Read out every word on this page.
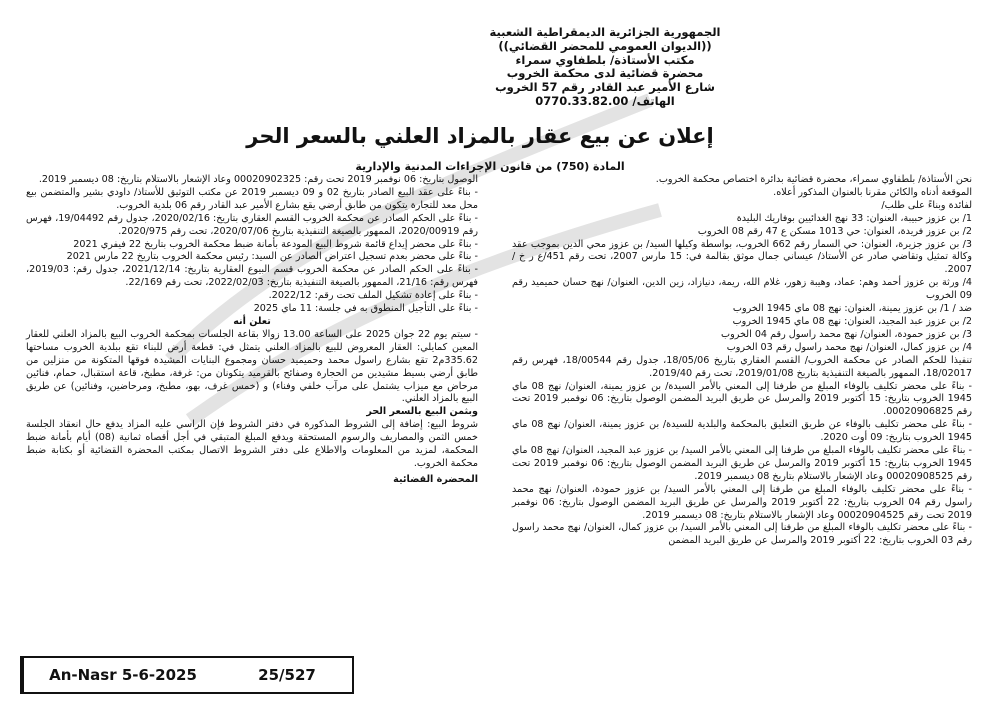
الجمهورية الجزائرية الديمقراطية الشعبية
((الديوان العمومي للمحضر القضائي))
مكتب الأستاذة/ بلطفاوي سمراء
محضرة قضائية لدى محكمة الخروب
شارع الأمير عبد القادر رقم 57 الخروب
الهاتف/ 0770.33.82.00
إعلان عن بيع عقار بالمزاد العلني بالسعر الحر
المادة (750) من قانون الإجراءات المدنية والإدارية

نحن الأستاذة/ بلطفاوي سمراء، محضرة قضائية بدائرة اختصاص محكمة الخروب.

الموقعة أدناه والكائن مقرنا بالعنوان المذكور أعلاه.

لفائدة وبناءً على طلب/

1/ بن عزوز حبيبة، العنوان: 33 نهج الغدائيين بوفاريك البليدة

2/ بن عزوز فريدة، العنوان: حي 1013 مسكن ع 47 رقم 08 الخروب

3/ بن عزوز جزيرة، العنوان: حي السمار رقم 662 الخروب، بواسطة وكيلها السيد/ بن عزوز محي الدين بموجب عقد وكالة تمثيل وتقاضي صادر عن الأستاذ/ عيساني جمال موثق بقالمة في: 15 مارس 2007، تحت رقم 451/ع ر خ / 2007.

4/ ورثة بن عزوز أحمد وهم: عماد، وهيبة زهور، غلام الله، ريمة، دنيازاد، زين الدين، العنوان/ نهج حسان حميميد رقم 09 الخروب

ضد / 1/ بن عزوز يمينة، العنوان: نهج 08 ماي 1945 الخروب

2/ بن عزوز عبد المجيد، العنوان: نهج 08 ماي 1945 الخروب

3/ بن عزوز حمودة، العنوان/ نهج محمد راسول رقم 04 الخروب

4/ بن عزوز كمال، العنوان/ نهج محمد راسول رقم 03 الخروب

تنفيذا للحكم الصادر عن محكمة الخروب/ القسم العقاري بتاريخ 18/05/06، جدول رقم 18/00544، فهرس رقم 18/02017، الممهور بالصيغة التنفيذية بتاريخ 2019/01/08، تحت رقم 2019/40.

- بناءً على محضر تكليف بالوفاء المبلغ من طرفنا إلى المعني بالأمر السيدة/ بن عزوز يمينة، العنوان/ نهج 08 ماي 1945 الخروب بتاريخ: 15 أكتوبر 2019 والمرسل عن طريق البريد المضمن الوصول بتاريخ: 06 نوفمبر 2019 تحت رقم 00020906825.

- بناءً على محضر تكليف بالوفاء عن طريق التعليق بالمحكمة والبلدية للسيدة/ بن عزوز يمينة، العنوان/ نهج 08 ماي 1945 الخروب بتاريخ: 09 أوت 2020.

- بناءً على محضر تكليف بالوفاء المبلغ من طرفنا إلى المعني بالأمر السيد/ بن عزوز عبد المجيد، العنوان/ نهج 08 ماي 1945 الخروب بتاريخ: 15 أكتوبر 2019 والمرسل عن طريق البريد المضمن الوصول بتاريخ: 06 نوفمبر 2019 تحت رقم 00020908525 وعاد الإشعار بالاستلام بتاريخ 08 ديسمبر 2019.

- بناءً على محضر تكليف بالوفاء المبلغ من طرفنا إلى المعني بالأمر السيد/ بن عزوز حمودة، العنوان/ نهج محمد راسول رقم 04 الخروب بتاريخ: 22 أكتوبر 2019 والمرسل عن طريق البريد المضمن الوصول بتاريخ: 06 نوفمبر 2019 تحت رقم 00020904525 وعاد الإشعار بالاستلام بتاريخ: 08 ديسمبر 2019.

- بناءً على محضر تكليف بالوفاء المبلغ من طرفنا إلى المعني بالأمر السيد/ بن عزوز كمال، العنوان/ نهج محمد راسول رقم 03 الخروب بتاريخ: 22 أكتوبر 2019 والمرسل عن طريق البريد المضمن

الوصول بتاريخ: 06 نوفمبر 2019 تحت رقم: 00020902325 وعاد الإشعار بالاستلام بتاريخ: 08 ديسمبر 2019.

- بناءً على عقد البيع الصادر بتاريخ 02 و 09 ديسمبر 2019 عن مكتب التوثيق للأستاذ/ داودي بشير والمتضمن بيع محل معد للتجارة يتكون من طابق أرضي يقع بشارع الأمير عبد القادر رقم 06 بلدية الخروب.

- بناءً على الحكم الصادر عن محكمة الخروب القسم العقاري بتاريخ: 2020/02/16، جدول رقم 19/04492، فهرس رقم 2020/00919، الممهور بالصيغة التنفيذية بتاريخ 2020/07/06، تحت رقم 2020/975.

- بناءً على محضر إيداع قائمة شروط البيع المودعة بأمانة ضبط محكمة الخروب بتاريخ 22 فيفري 2021

- بناءً على محضر بعدم تسجيل اعتراض الصادر عن السيد: رئيس محكمة الخروب بتاريخ 22 مارس 2021

- بناءً على الحكم الصادر عن محكمة الخروب قسم البيوع العقارية بتاريخ: 2021/12/14، جدول رقم: 2019/03، فهرس رقم: 21/16، الممهور بالصيغة التنفيذية بتاريخ: 2022/02/03، تحت رقم 22/169.

- بناءً على إعادة تشكيل الملف تحت رقم: 2022/12.

- بناءً على التأجيل المنطوق به في جلسة: 11 ماي 2025

تعلن أنه

- سيتم يوم 22 جوان 2025 على الساعة 13.00 زوالا بقاعة الجلسات بمحكمة الخروب البيع بالمزاد العلني للعقار المعين كمايلي: العقار المعروض للبيع بالمزاد العلني يتمثل في: قطعة أرض للبناء تقع ببلدية الخروب مساحتها 335.62م2 تقع بشارع راسول محمد وحميميد حسان ومجموع البنايات المشيدة فوقها المتكونة من منزلين من طابق أرضي بسيط مشيدين من الحجارة وصفائح بالقرميد يتكونان من: غرفة، مطبخ، قاعة استقبال، حمام، فنائين مرحاض مع ميزاب يشتمل على مرآب خلفي وفناء) و (خمس غرف، بهو، مطبخ، ومرحاضين، وفنائين) عن طريق البيع بالمزاد العلني.

وبثمن البيع بالسعر الحر

شروط البيع: إضافة إلى الشروط المذكورة في دفتر الشروط فإن الراسي عليه المزاد يدفع حال انعقاد الجلسة خمس الثمن والمصاريف والرسوم المستحقة ويدفع المبلغ المتبقي في أجل أقصاه ثمانية (08) أيام بأمانة ضبط المحكمة، لمزيد من المعلومات والاطلاع على دفتر الشروط الاتصال بمكتب المحضرة القضائية أو بكتابة ضبط محكمة الخروب.

المحضرة القضائية

An-Nasr 5-6-2025	25/527
